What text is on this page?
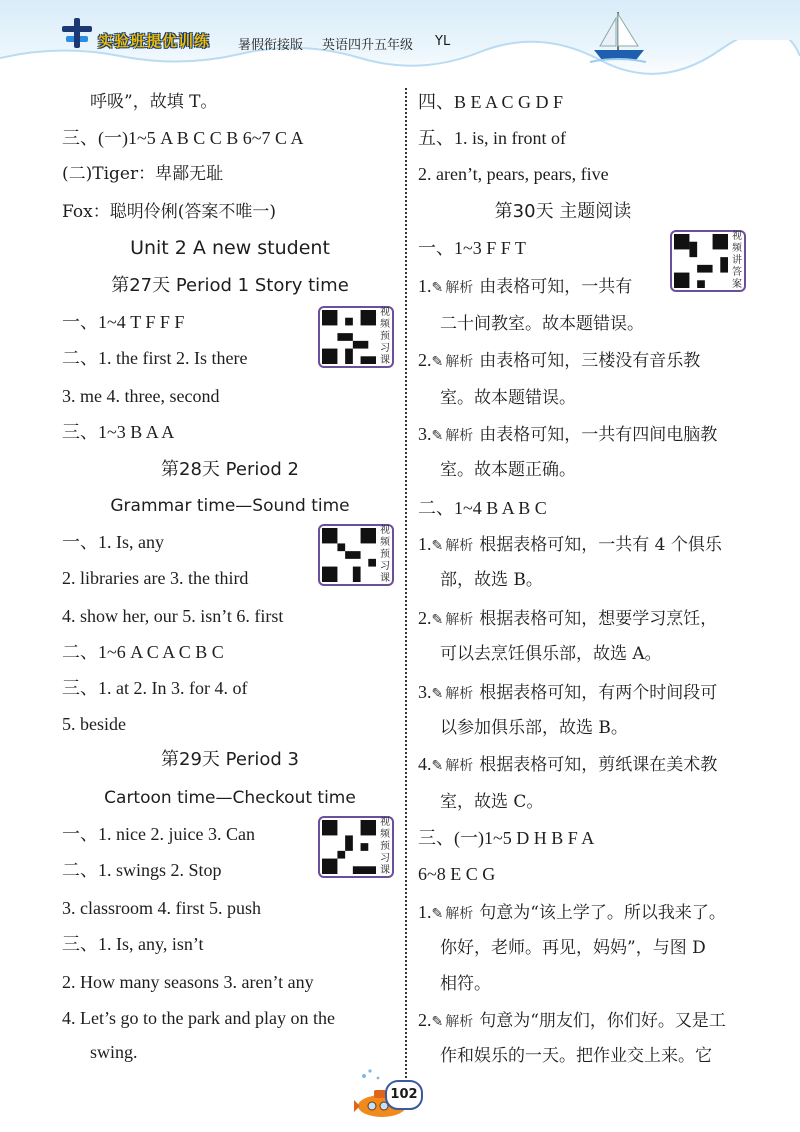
实验班提优训练 暑假衔接版 英语四升五年级 YL
呼吸”，故填 T。
三、(一)1~5 A B C C B 6~7 C A
(二)Tiger：卑鄙无耻
Fox：聪明伶俐(答案不唯一)
Unit 2 A new student
第27天 Period 1 Story time
一、1~4 T F F F	视频预习课
二、1. the first 2. Is there
3. me 4. three, second
三、1~3 B A A
第28天 Period 2
Grammar time—Sound time
一、1. Is, any
视频预习课
2. libraries are 3. the third
4. show her, our 5. isn’t 6. first
二、1~6 A C A C B C
三、1. at 2. In 3. for 4. of
5. beside
第29天 Period 3
Cartoon time—Checkout time
一、1. nice 2. juice 3. Can
视频预习课
二、1. swings 2. Stop
3. classroom 4. first 5. push
三、1. Is, any, isn’t
2. How many seasons 3. aren’t any
4. Let’s go to the park and play on the
swing.
四、B E A C G D F
五、1. is, in front of
2. aren’t, pears, pears, five
第30天 主题阅读
一、1~3 F F T
视频讲答案
1.✎ 解析 由表格可知，一共有
二十间教室。故本题错误。
2.✎ 解析 由表格可知，三楼没有音乐教
室。故本题错误。
3.✎ 解析 由表格可知，一共有四间电脑教
室。故本题正确。
二、1~4 B A B C
1.✎ 解析 根据表格可知，一共有 4 个俱乐
部，故选 B。
2.✎ 解析 根据表格可知，想要学习烹饪，
可以去烹饪俱乐部，故选 A。
3.✎ 解析 根据表格可知，有两个时间段可
以参加俱乐部，故选 B。
4.✎ 解析 根据表格可知，剪纸课在美术教
室，故选 C。
三、(一)1~5 D H B F A
6~8 E C G
1.✎ 解析 句意为“该上学了。所以我来了。
你好，老师。再见，妈妈”，与图 D
相符。
2.✎ 解析 句意为“朋友们，你们好。又是工
作和娱乐的一天。把作业交上来。它
102
